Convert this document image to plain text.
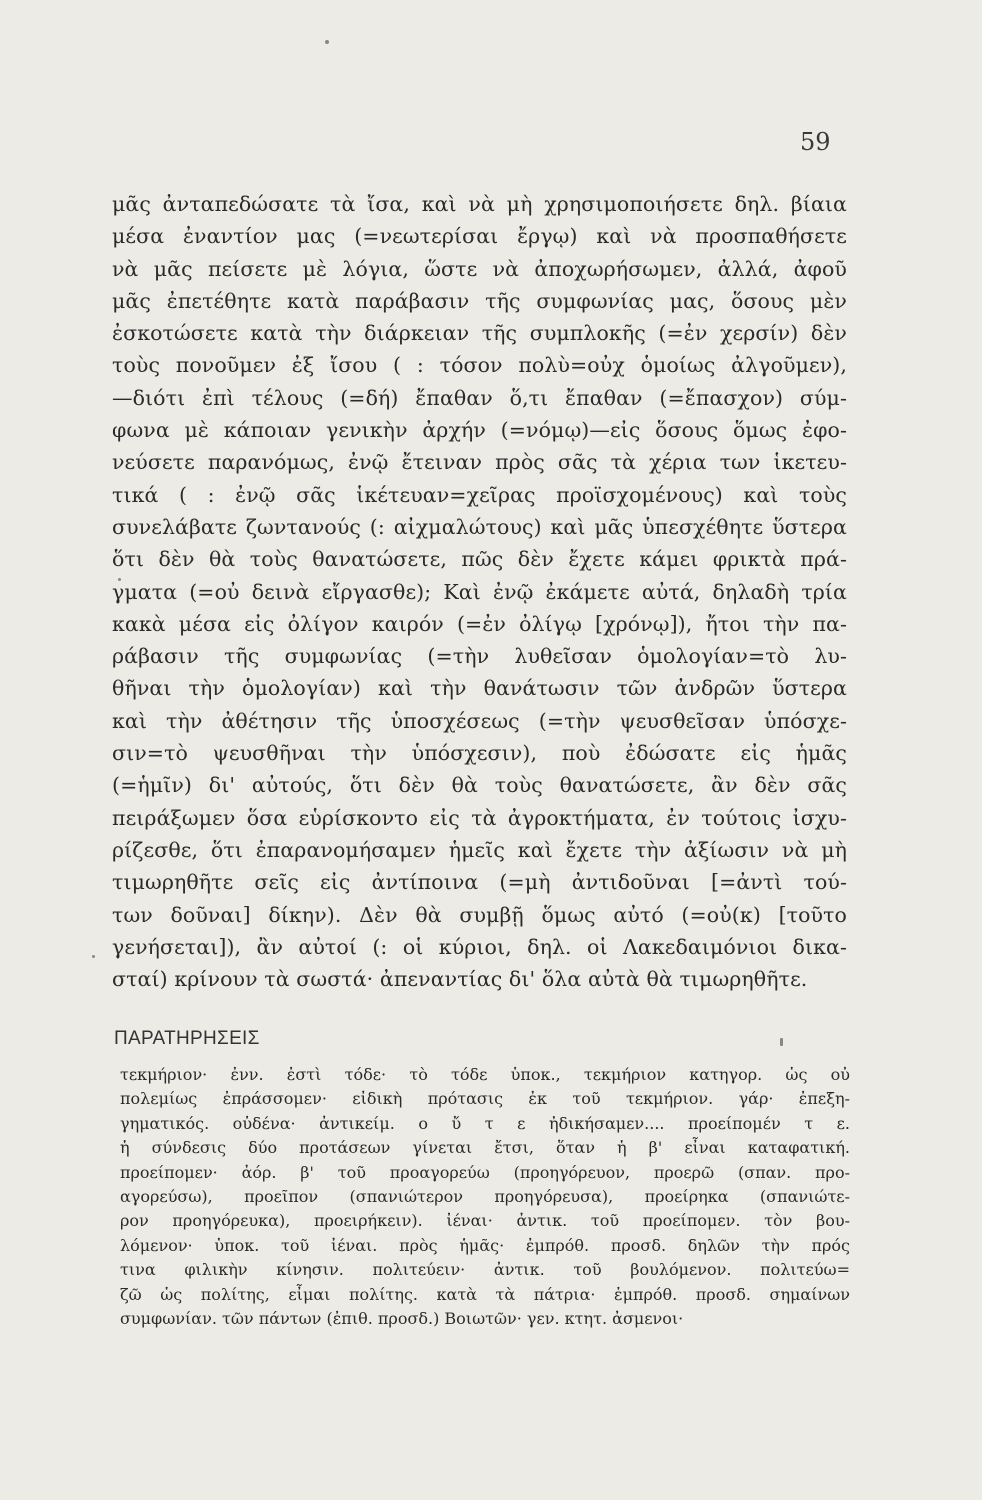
59
μᾶς ἀνταπεδώσατε τὰ ἴσα, καὶ νὰ μὴ χρησιμοποιήσετε δηλ. βίαια
μέσα ἐναντίον μας (=νεωτερίσαι ἔργῳ) καὶ νὰ προσπαθήσετε
νὰ μᾶς πείσετε μὲ λόγια, ὥστε νὰ ἀποχωρήσωμεν, ἀλλά, ἀφοῦ
μᾶς ἐπετέθητε κατὰ παράβασιν τῆς συμφωνίας μας, ὅσους μὲν
ἐσκοτώσετε κατὰ τὴν διάρκειαν τῆς συμπλοκῆς (=ἐν χερσίν) δὲν
τοὺς πονοῦμεν ἐξ ἴσου ( : τόσον πολὺ=οὐχ ὁμοίως ἀλγοῦμεν),
—διότι ἐπὶ τέλους (=δή) ἔπαθαν ὅ,τι ἔπαθαν (=ἔπασχον) σύμ-
φωνα μὲ κάποιαν γενικὴν ἀρχήν (=νόμῳ)—εἰς ὅσους ὅμως ἐφο-
νεύσετε παρανόμως, ἐνῷ ἔτειναν πρὸς σᾶς τὰ χέρια των ἱκετευ-
τικά ( : ἐνῷ σᾶς ἱκέτευαν=χεῖρας προϊσχομένους) καὶ τοὺς
συνελάβατε ζωντανούς (: αἰχμαλώτους) καὶ μᾶς ὑπεσχέθητε ὕστερα
ὅτι δὲν θὰ τοὺς θανατώσετε, πῶς δὲν ἔχετε κάμει φρικτὰ πρά-
γματα (=οὐ δεινὰ εἴργασθε); Καὶ ἐνῷ ἐκάμετε αὐτά, δηλαδὴ τρία
κακὰ μέσα εἰς ὀλίγον καιρόν (=ἐν ὀλίγῳ [χρόνῳ]), ἤτοι τὴν πα-
ράβασιν τῆς συμφωνίας (=τὴν λυθεῖσαν ὁμολογίαν=τὸ λυ-
θῆναι τὴν ὁμολογίαν) καὶ τὴν θανάτωσιν τῶν ἀνδρῶν ὕστερα
καὶ τὴν ἀθέτησιν τῆς ὑποσχέσεως (=τὴν ψευσθεῖσαν ὑπόσχε-
σιν=τὸ ψευσθῆναι τὴν ὑπόσχεσιν), ποὺ ἐδώσατε εἰς ἡμᾶς
(=ἡμῖν) δι' αὐτούς, ὅτι δὲν θὰ τοὺς θανατώσετε, ἂν δὲν σᾶς
πειράξωμεν ὅσα εὑρίσκοντο εἰς τὰ ἀγροκτήματα, ἐν τούτοις ἰσχυ-
ρίζεσθε, ὅτι ἐπαρανομήσαμεν ἡμεῖς καὶ ἔχετε τὴν ἀξίωσιν νὰ μὴ
τιμωρηθῆτε σεῖς εἰς ἀντίποινα (=μὴ ἀντιδοῦναι [=ἀντὶ τού-
των δοῦναι] δίκην). Δὲν θὰ συμβῇ ὅμως αὐτό (=οὐ(κ) [τοῦτο
γενήσεται]), ἂν αὐτοί (: οἱ κύριοι, δηλ. οἱ Λακεδαιμόνιοι δικα-
σταί) κρίνουν τὰ σωστά· ἀπεναντίας δι' ὅλα αὐτὰ θὰ τιμωρηθῆτε.
ΠΑΡΑΤΗΡΗΣΕΙΣ
τεκμήριον· ἐνν. ἐστὶ τόδε· τὸ τόδε ὑποκ., τεκμήριον κατηγορ. ὡς οὐ
πολεμίως ἐπράσσομεν· εἰδικὴ πρότασις ἐκ τοῦ τεκμήριον. γάρ· ἐπεξη-
γηματικός. οὐδένα· ἀντικείμ. ο ὔ τ ε ἠδικήσαμεν.... προείπομέν τ ε.
ἡ σύνδεσις δύο προτάσεων γίνεται ἔτσι, ὅταν ἡ β' εἶναι καταφατική.
προείπομεν· ἀόρ. β' τοῦ προαγορεύω (προηγόρευον, προερῶ (σπαν. προ-
αγορεύσω), προεῖπον (σπανιώτερον προηγόρευσα), προείρηκα (σπανιώτε-
ρον προηγόρευκα), προειρήκειν). ἰέναι· ἀντικ. τοῦ προείπομεν. τὸν βου-
λόμενον· ὑποκ. τοῦ ἰέναι. πρὸς ἡμᾶς· ἐμπρόθ. προσδ. δηλῶν τὴν πρός
τινα φιλικὴν κίνησιν. πολιτεύειν· ἀντικ. τοῦ βουλόμενον. πολιτεύω=
ζῶ ὡς πολίτης, εἶμαι πολίτης. κατὰ τὰ πάτρια· ἐμπρόθ. προσδ. σημαίνων
συμφωνίαν. τῶν πάντων (ἐπιθ. προσδ.) Βοιωτῶν· γεν. κτητ. ἀσμενοι·
